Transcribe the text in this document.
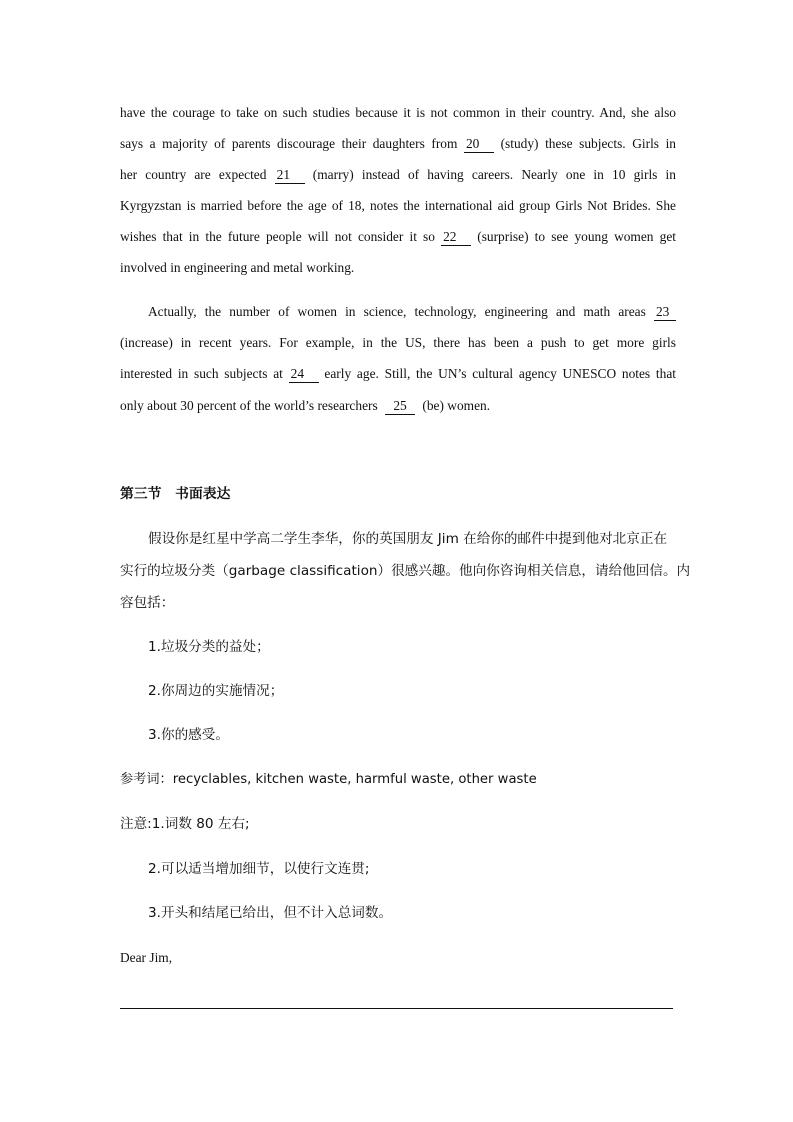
have the courage to take on such studies because it is not common in their country. And, she also
says a majority of parents discourage their daughters from 20 (study) these subjects. Girls in
her country are expected 21 (marry) instead of having careers. Nearly one in 10 girls in
Kyrgyzstan is married before the age of 18, notes the international aid group Girls Not Brides. She
wishes that in the future people will not consider it so 22 (surprise) to see young women get
involved in engineering and metal working.
Actually, the number of women in science, technology, engineering and math areas 23
(increase) in recent years. For example, in the US, there has been a push to get more girls
interested in such subjects at 24 early age. Still, the UN’s cultural agency UNESCO notes that
only about 30 percent of the world’s researchers 25 (be) women.
第三节　书面表达
假设你是红星中学高二学生李华，你的英国朋友 Jim 在给你的邮件中提到他对北京正在
实行的垃圾分类（garbage classification）很感兴趣。他向你咨询相关信息，请给他回信。内
容包括：
1.垃圾分类的益处；
2.你周边的实施情况；
3.你的感受。
参考词：recyclables, kitchen waste, harmful waste, other waste
注意:1.词数 80 左右;
2.可以适当增加细节，以使行文连贯;
3.开头和结尾已给出，但不计入总词数。
Dear Jim,
